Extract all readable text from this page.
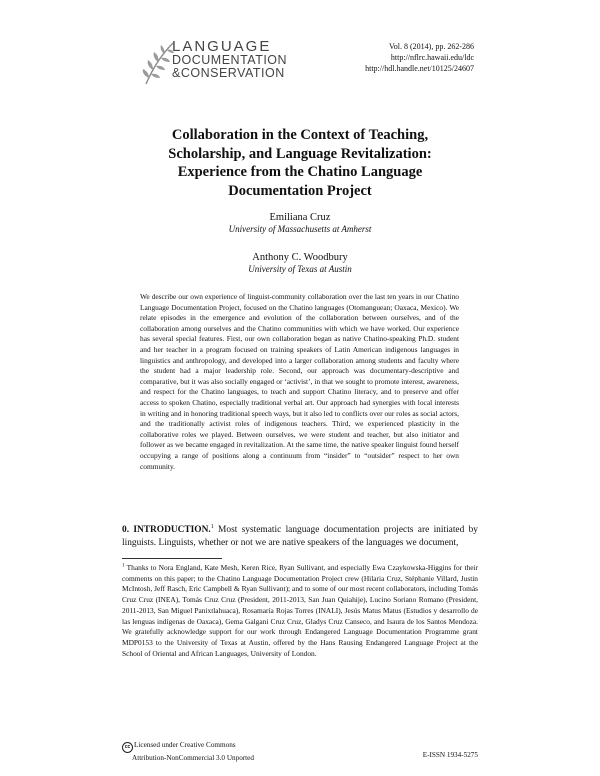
LANGUAGE
DOCUMENTATION
&CONSERVATION
Vol. 8 (2014), pp. 262-286
http://nflrc.hawaii.edu/ldc
http://hdl.handle.net/10125/24607
Collaboration in the Context of Teaching,
Scholarship, and Language Revitalization:
Experience from the Chatino Language
Documentation Project
Emiliana Cruz
University of Massachusetts at Amherst
Anthony C. Woodbury
University of Texas at Austin
We describe our own experience of linguist-community collaboration over the last ten years in our Chatino Language Documentation Project, focused on the Chatino languages (Otomanguean; Oaxaca, Mexico). We relate episodes in the emergence and evolution of the collaboration between ourselves, and of the collaboration among ourselves and the Chatino communities with which we have worked. Our experience has several special features. First, our own collaboration began as native Chatino-speaking Ph.D. student and her teacher in a program focused on training speakers of Latin American indigenous languages in linguistics and anthropology, and developed into a larger collaboration among students and faculty where the student had a major leadership role. Second, our approach was documentary-descriptive and comparative, but it was also socially engaged or ‘activist’, in that we sought to promote interest, awareness, and respect for the Chatino languages, to teach and support Chatino literacy, and to preserve and offer access to spoken Chatino, especially traditional verbal art. Our approach had synergies with local interests in writing and in honoring traditional speech ways, but it also led to conflicts over our roles as social actors, and the traditionally activist roles of indigenous teachers. Third, we experienced plasticity in the collaborative roles we played. Between ourselves, we were student and teacher, but also initiator and follower as we became engaged in revitalization. At the same time, the native speaker linguist found herself occupying a range of positions along a continuum from “insider” to “outsider” respect to her own community.
0. INTRODUCTION.$^1$ Most systematic language documentation projects are initiated by linguists. Linguists, whether or not we are native speakers of the languages we document,
$^1$ Thanks to Nora England, Kate Mesh, Keren Rice, Ryan Sullivant, and especially Ewa Czaykowska-Higgins for their comments on this paper; to the Chatino Language Documentation Project crew (Hilaria Cruz, Stéphanie Villard, Justin McIntosh, Jeff Rasch, Eric Campbell & Ryan Sullivant); and to some of our most recent collaborators, including Tomás Cruz Cruz (INEA), Tomás Cruz Cruz (President, 2011-2013, San Juan Quiahije), Lucino Soriano Romano (President, 2011-2013, San Miguel Panixtlahuaca), Rosamaría Rojas Torres (INALI), Jesús Matus Matus (Estudios y desarrollo de las lenguas indígenas de Oaxaca), Gema Galgani Cruz Cruz, Gladys Cruz Canseco, and Isaura de los Santos Mendoza. We gratefully acknowledge support for our work through Endangered Language Documentation Programme grant MDP0153 to the University of Texas at Austin, offered by the Hans Rausing Endangered Language Project at the School of Oriental and African Languages, University of London.
cc Licensed under Creative Commons
Attribution-NonCommercial 3.0 Unported	E-ISSN 1934-5275
